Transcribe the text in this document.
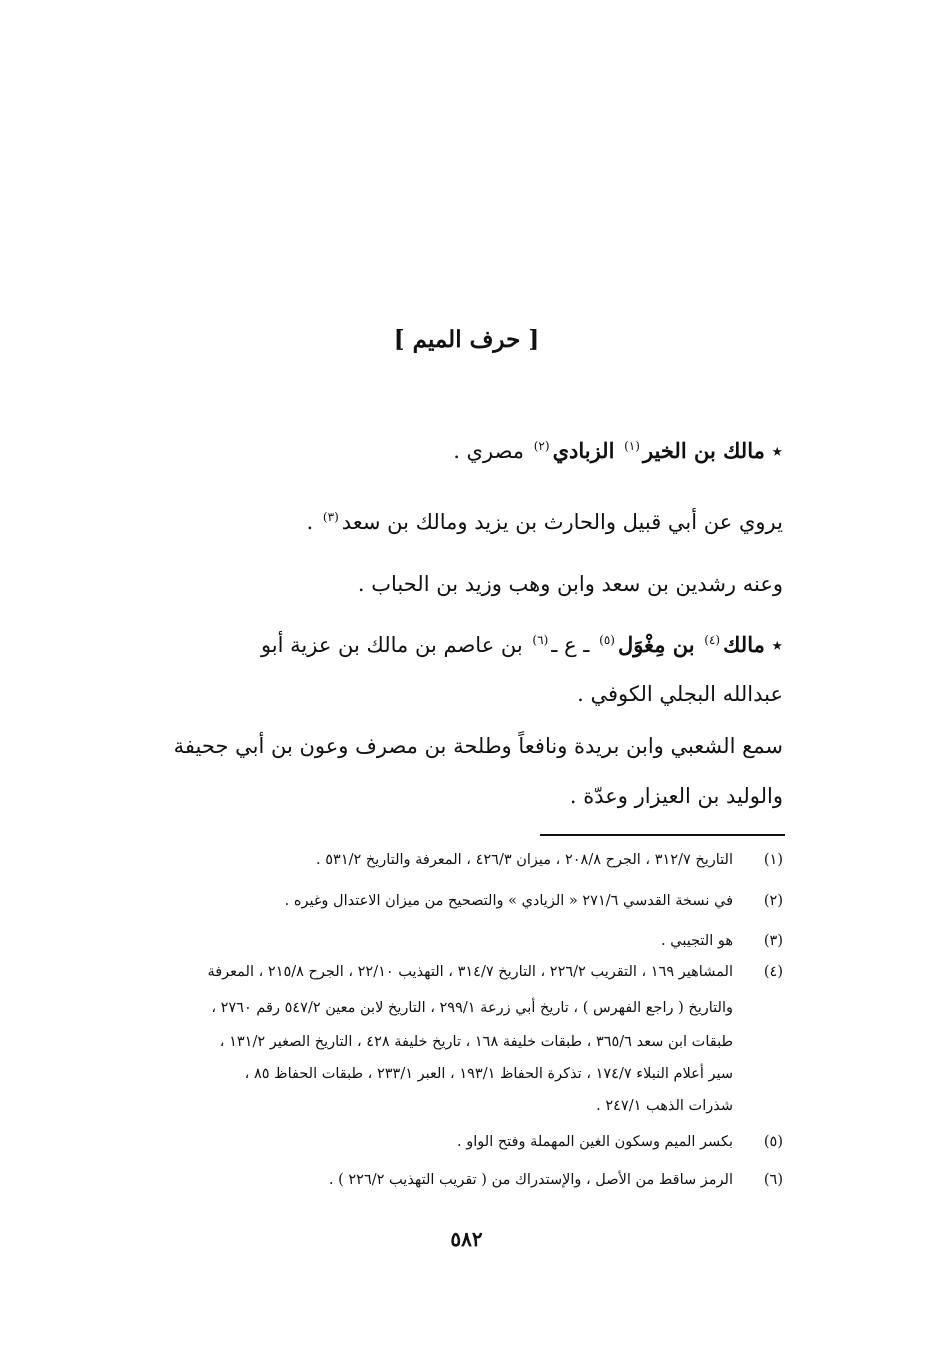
[ حرف الميم ]
٭ مالك بن الخير$^{(١)}$ الزبادي$^{(٢)}$ مصري .
يروي عن أبي قبيل والحارث بن يزيد ومالك بن سعد$^{(٣)}$ .
وعنه رشدين بن سعد وابن وهب وزيد بن الحباب .
٭ مالك$^{(٤)}$ بن مِغْوَل$^{(٥)}$ ـ ع ـ$^{(٦)}$ بن عاصم بن مالك بن عزية أبو
عبدالله البجلي الكوفي .
سمع الشعبي وابن بريدة ونافعاً وطلحة بن مصرف وعون بن أبي جحيفة
والوليد بن العيزار وعدّة .
(١)
التاريخ ٣١٢/٧ ، الجرح ٢٠٨/٨ ، ميزان ٤٢٦/٣ ، المعرفة والتاريخ ٥٣١/٢ .
(٢)
في نسخة القدسي ٢٧١/٦ « الزيادي » والتصحيح من ميزان الاعتدال وغيره .
(٣)
هو التجيبي .
(٤)
المشاهير ١٦٩ ، التقريب ٢٢٦/٢ ، التاريخ ٣١٤/٧ ، التهذيب ٢٢/١٠ ، الجرح ٢١٥/٨ ، المعرفة
والتاريخ ( راجع الفهرس ) ، تاريخ أبي زرعة ٢٩٩/١ ، التاريخ لابن معين ٥٤٧/٢ رقم ٢٧٦٠ ،
طبقات ابن سعد ٣٦٥/٦ ، طبقات خليفة ١٦٨ ، تاريخ خليفة ٤٢٨ ، التاريخ الصغير ١٣١/٢ ،
سير أعلام النبلاء ١٧٤/٧ ، تذكرة الحفاظ ١٩٣/١ ، العبر ٢٣٣/١ ، طبقات الحفاظ ٨٥ ،
شذرات الذهب ٢٤٧/١ .
(٥)
بكسر الميم وسكون الغين المهملة وفتح الواو .
(٦)
الرمز ساقط من الأصل ، والإستدراك من ( تقريب التهذيب ٢٢٦/٢ ) .
٥٨٢
